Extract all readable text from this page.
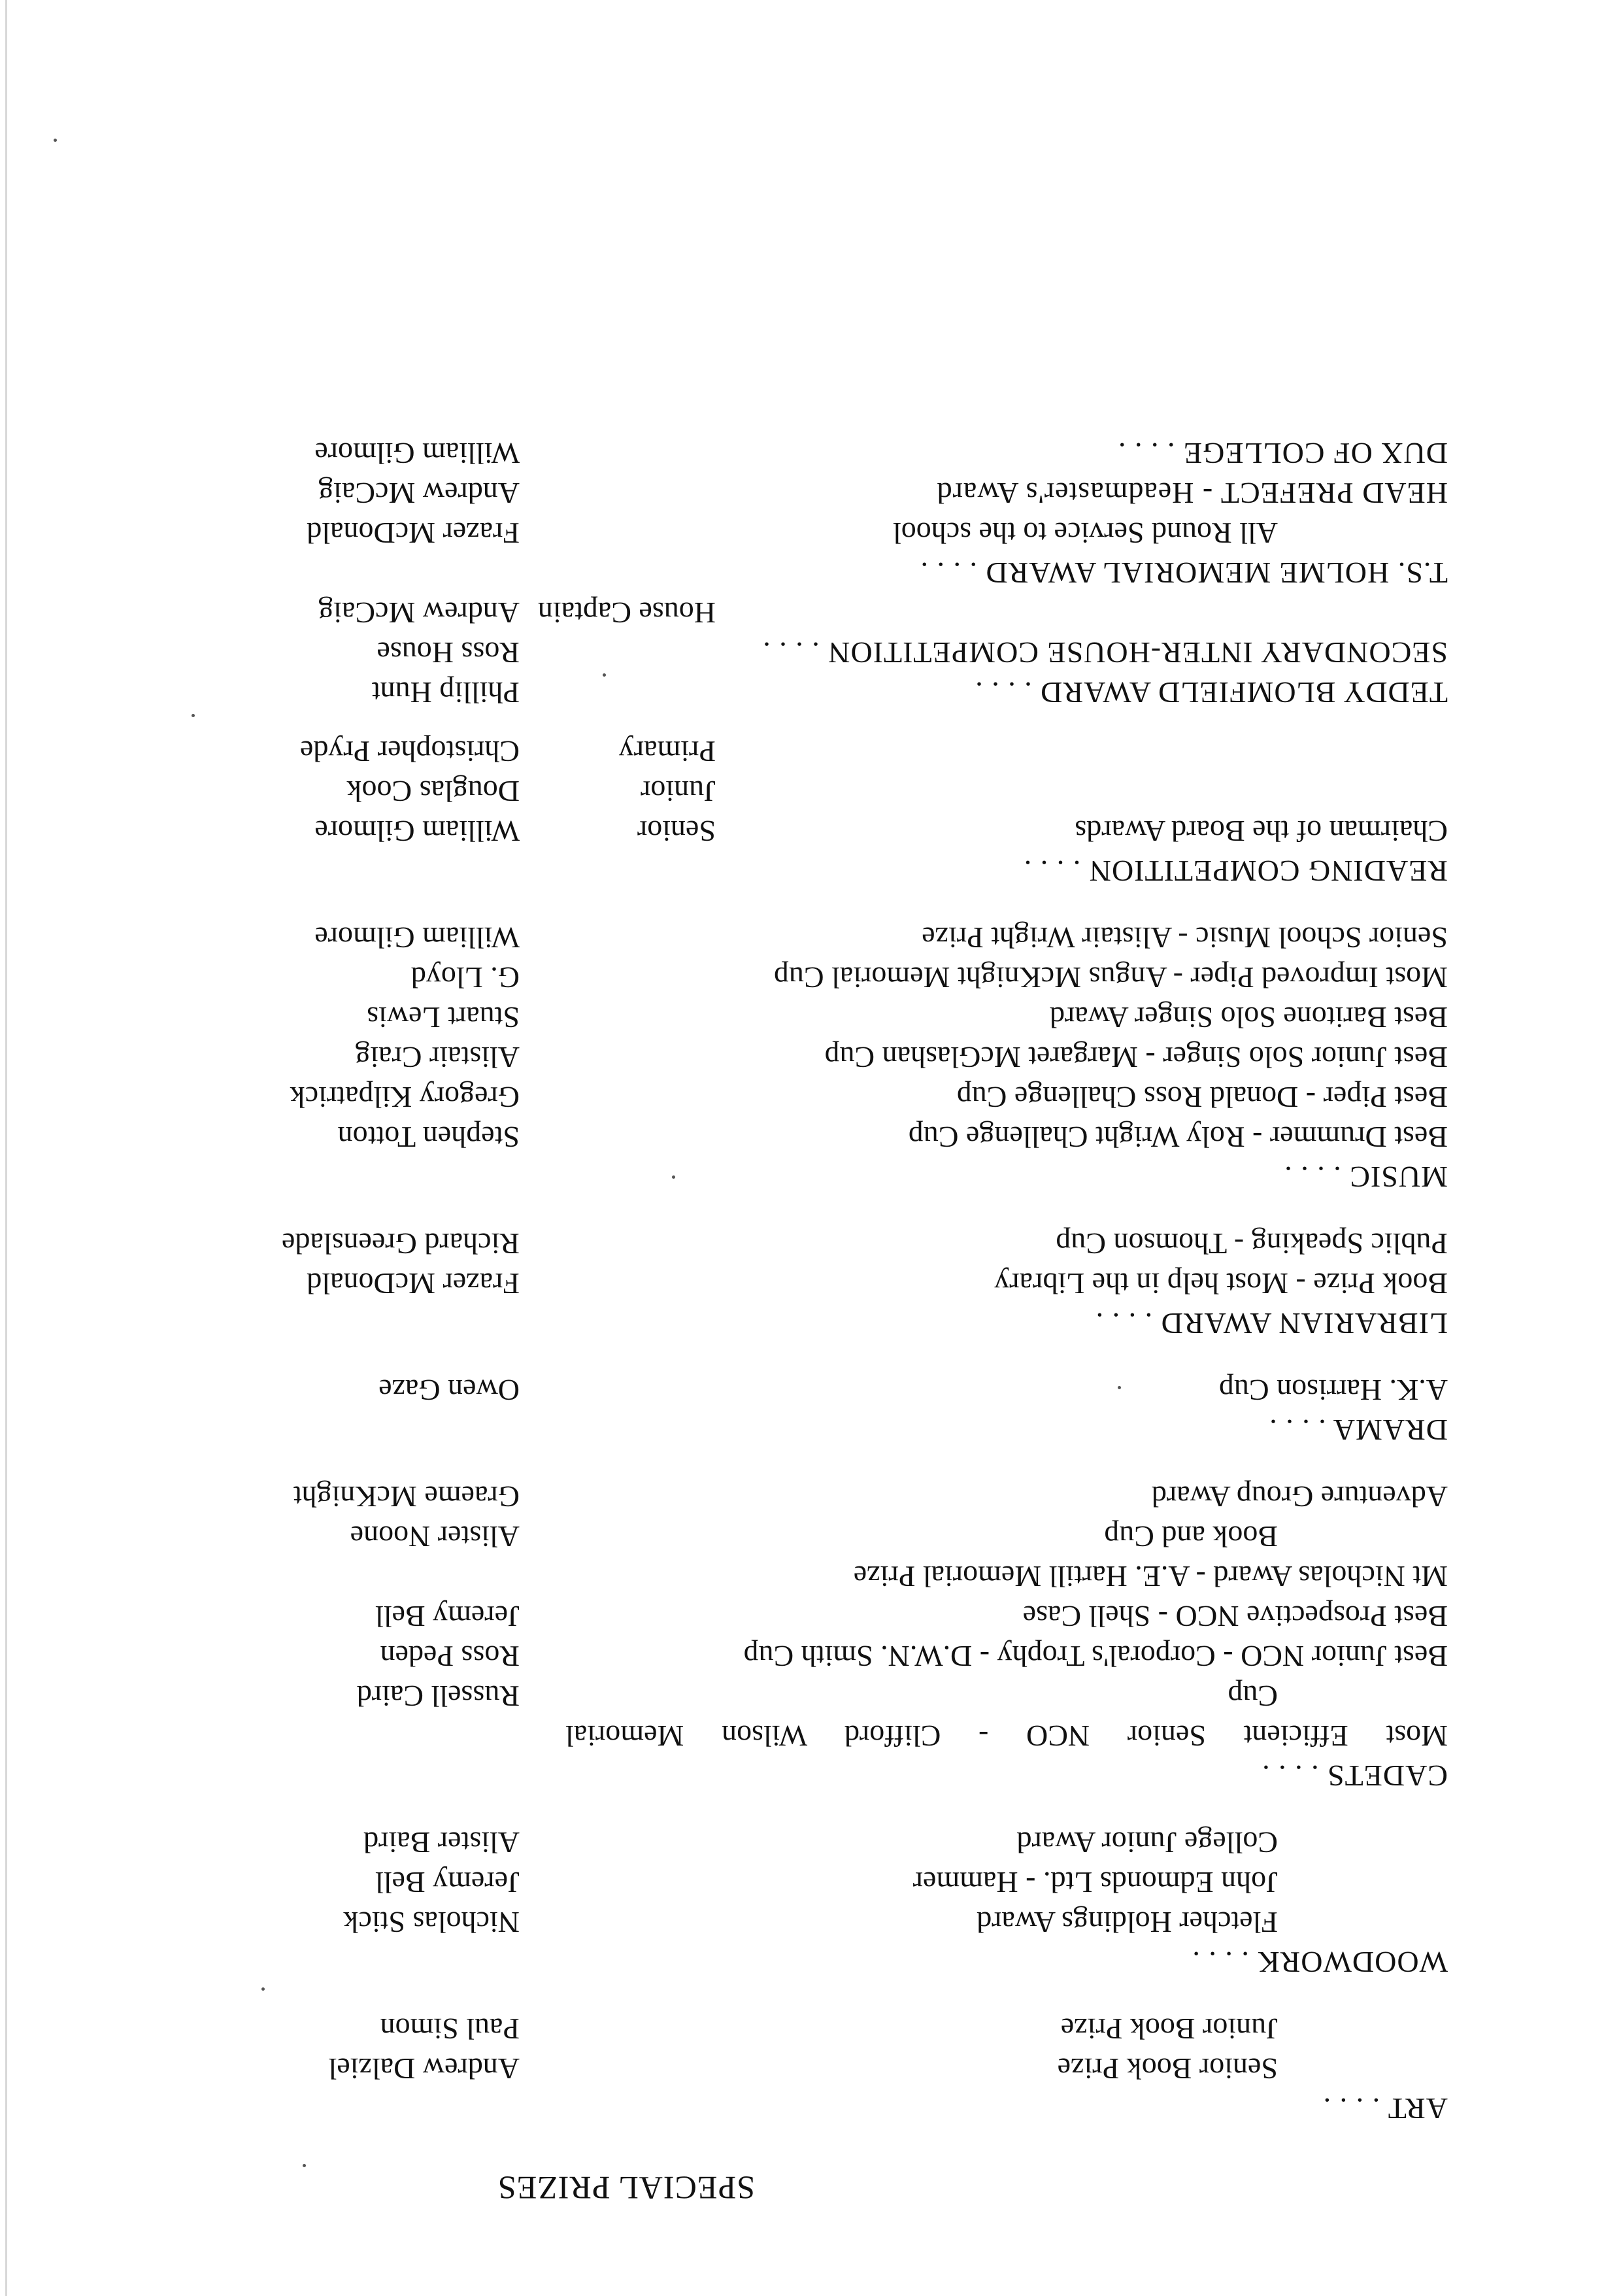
SPECIAL PRIZES
ART . . . .
Senior Book Prize
Andrew Dalziel
Junior Book Prize
Paul Simon
WOODWORK . . . .
Fletcher Holdings Award
Nicholas Stick
John Edmonds Ltd. - Hammer
Jeremy Bell
College Junior Award
Alister Baird
CADETS . . . .
Most Efficient Senior NCO - Clifford Wilson Memorial
Cup
Russell Caird
Best Junior NCO - Corporal's Trophy - D.W.N. Smith Cup
Ross Peden
Best Prospective NCO - Shell Case
Jeremy Bell
Mt Nicholas Award - A.E. Hartill Memorial Prize
Book and Cup
Alister Noone
Adventure Group Award
Graeme McKnight
DRAMA . . . .
A.K. Harrison Cup
Owen Gaze
LIBRARIAN AWARD . . . .
Book Prize - Most help in the Library
Frazer McDonald
Public Speaking - Thomson Cup
Richard Greenslade
MUSIC . . . .
Best Drummer - Roly Wright Challenge Cup
Stephen Totton
Best Piper - Donald Ross Challenge Cup
Gregory Kilpatrick
Best Junior Solo Singer - Margaret McGlashan Cup
Alistair Craig
Best Baritone Solo Singer Award
Stuart Lewis
Most Improved Piper - Angus McKnight Memorial Cup
G. Lloyd
Senior School Music - Alistair Wright Prize
William Gilmore
READING COMPETITION . . . .
Chairman of the Board Awards
Senior
William Gilmore
Junior
Douglas Cook
Primary
Christopher Pryde
TEDDY BLOMFIELD AWARD . . . .
Phillip Hunt
SECONDARY INTER-HOUSE COMPETITION . . . .
Ross House
House Captain
Andrew McCaig
T.S. HOLME MEMORIAL AWARD . . . .
All Round Service to the school
Frazer McDonald
HEAD PREFECT - Headmaster's Award
Andrew McCaig
DUX OF COLLEGE . . . .
William Gilmore
